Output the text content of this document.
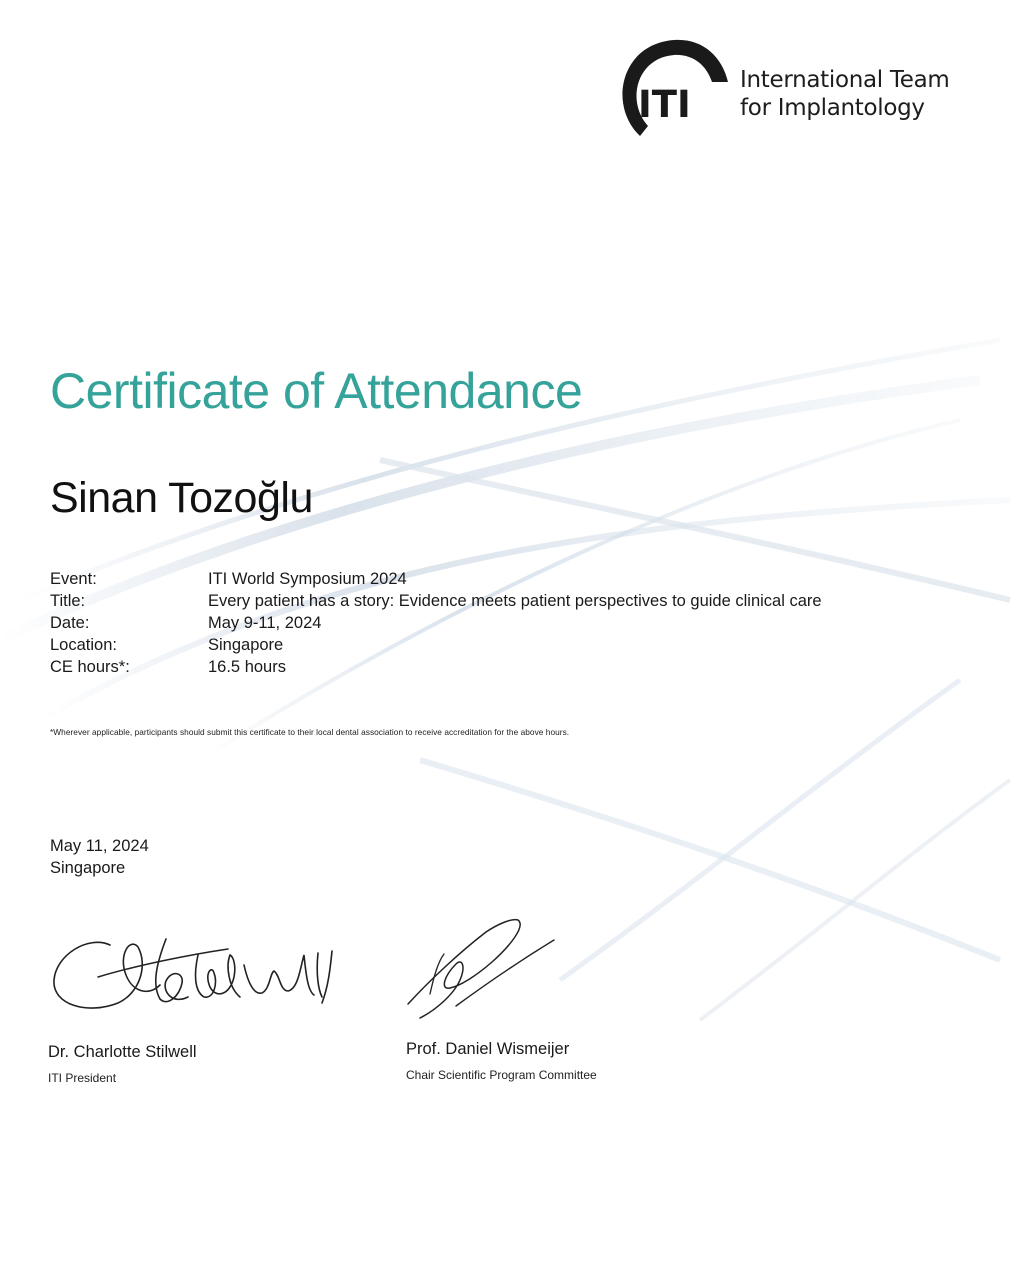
ITI
International Team
for Implantology
Certificate of Attendance
Sinan Tozoğlu
Event:	ITI World Symposium 2024
Title:	Every patient has a story: Evidence meets patient perspectives to guide clinical care
Date:	May 9-11, 2024
Location:	Singapore
CE hours*:	16.5 hours
*Wherever applicable, participants should submit this certificate to their local dental association to receive accreditation for the above hours.
May 11, 2024
Singapore
Dr. Charlotte Stilwell
ITI President
Prof. Daniel Wismeijer
Chair Scientific Program Committee
